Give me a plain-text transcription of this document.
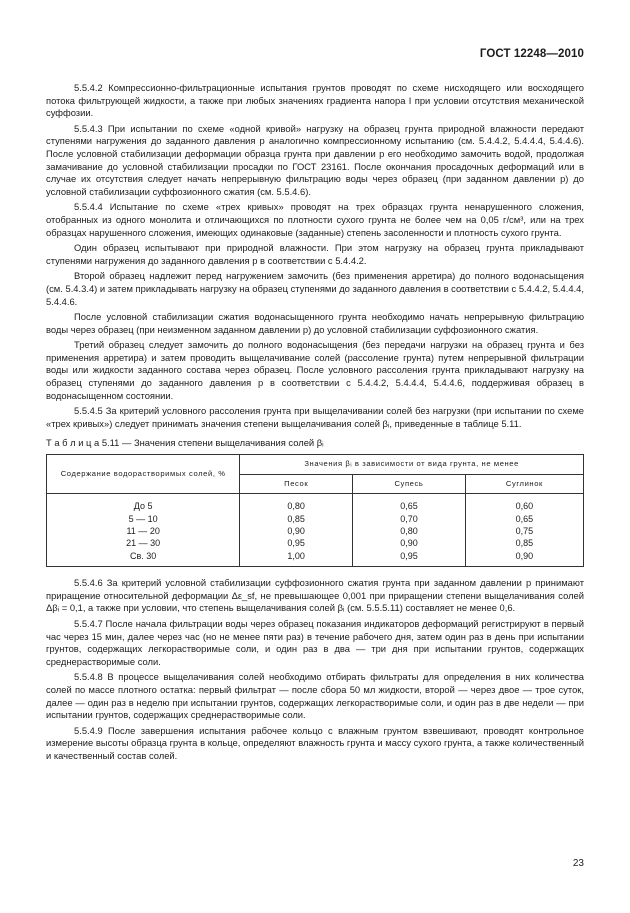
ГОСТ 12248—2010

5.5.4.2 Компрессионно-фильтрационные испытания грунтов проводят по схеме нисходящего или восходящего потока фильтрующей жидкости, а также при любых значениях градиента напора I при условии отсутствия механической суффозии.

5.5.4.3 При испытании по схеме «одной кривой» нагрузку на образец грунта природной влажности передают ступенями нагружения до заданного давления p аналогично компрессионному испытанию (см. 5.4.4.2, 5.4.4.4, 5.4.4.6). После условной стабилизации деформации образца грунта при давлении p его необходимо замочить водой, продолжая замачивание до условной стабилизации просадки по ГОСТ 23161. После окончания просадочных деформаций или в случае их отсутствия следует начать непрерывную фильтрацию воды через образец (при заданном давлении p) до условной стабилизации суффозионного сжатия (см. 5.5.4.6).

5.5.4.4 Испытание по схеме «трех кривых» проводят на трех образцах грунта ненарушенного сложения, отобранных из одного монолита и отличающихся по плотности сухого грунта не более чем на 0,05 г/см³, или на трех образцах нарушенного сложения, имеющих одинаковые (заданные) степень засоленности и плотность сухого грунта.

Один образец испытывают при природной влажности. При этом нагрузку на образец грунта прикладывают ступенями нагружения до заданного давления p в соответствии с 5.4.4.2.

Второй образец надлежит перед нагружением замочить (без применения арретира) до полного водонасыщения (см. 5.4.3.4) и затем прикладывать нагрузку на образец ступенями до заданного давления в соответствии с 5.4.4.2, 5.4.4.4, 5.4.4.6.

После условной стабилизации сжатия водонасыщенного грунта необходимо начать непрерывную фильтрацию воды через образец (при неизменном заданном давлении p) до условной стабилизации суффозионного сжатия.

Третий образец следует замочить до полного водонасыщения (без передачи нагрузки на образец грунта и без применения арретира) и затем проводить выщелачивание солей (рассоление грунта) путем непрерывной фильтрации воды или жидкости заданного состава через образец. После условного рассоления грунта прикладывают нагрузку на образец ступенями до заданного давления p в соответствии с 5.4.4.2, 5.4.4.4, 5.4.4.6, поддерживая образец в водонасыщенном состоянии.

5.5.4.5 За критерий условного рассоления грунта при выщелачивании солей без нагрузки (при испытании по схеме «трех кривых») следует принимать значения степени выщелачивания солей βᵢ, приведенные в таблице 5.11.

Т а б л и ц а 5.11 — Значения степени выщелачивания солей βᵢ
Содержание водорастворимых солей, %	Значения βᵢ в зависимости от вида грунта, не менее		
	Песок	Супесь	Суглинок
До 5	0,80	0,65	0,60
5 — 10	0,85	0,70	0,65
11 — 20	0,90	0,80	0,75
21 — 30	0,95	0,90	0,85
Св. 30	1,00	0,95	0,90

5.5.4.6 За критерий условной стабилизации суффозионного сжатия грунта при заданном давлении p принимают приращение относительной деформации Δε_sf, не превышающее 0,001 при приращении степени выщелачивания солей Δβᵢ = 0,1, а также при условии, что степень выщелачивания солей βᵢ (см. 5.5.5.11) составляет не менее 0,6.

5.5.4.7 После начала фильтрации воды через образец показания индикаторов деформаций регистрируют в первый час через 15 мин, далее через час (но не менее пяти раз) в течение рабочего дня, затем один раз в день при испытании грунтов, содержащих легкорастворимые соли, и один раз в два — три дня при испытании грунтов, содержащих среднерастворимые соли.

5.5.4.8 В процессе выщелачивания солей необходимо отбирать фильтраты для определения в них количества солей по массе плотного остатка: первый фильтрат — после сбора 50 мл жидкости, второй — через двое — трое суток, далее — один раз в неделю при испытании грунтов, содержащих легкорастворимые соли, и один раз в две недели — при испытании грунтов, содержащих среднерастворимые соли.

5.5.4.9 После завершения испытания рабочее кольцо с влажным грунтом взвешивают, проводят контрольное измерение высоты образца грунта в кольце, определяют влажность грунта и массу сухого грунта, а также количественный и качественный состав солей.

23
